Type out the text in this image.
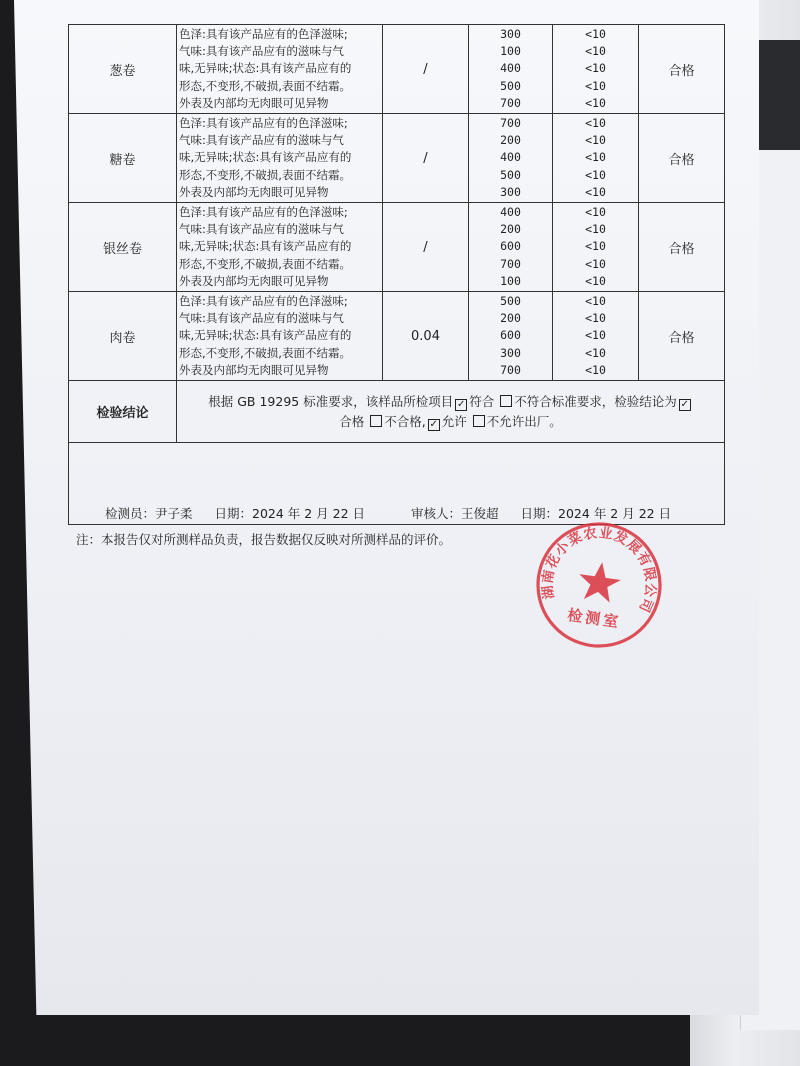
葱卷	色泽:具有该产品应有的色泽滋味;
气味:具有该产品应有的滋味与气
味,无异味;状态:具有该产品应有的
形态,不变形,不破损,表面不结霜。
外表及内部均无肉眼可见异物	/	300
100
400
500
700	<10
<10
<10
<10
<10	合格
糖卷	色泽:具有该产品应有的色泽滋味;
气味:具有该产品应有的滋味与气
味,无异味;状态:具有该产品应有的
形态,不变形,不破损,表面不结霜。
外表及内部均无肉眼可见异物	/	700
200
400
500
300	<10
<10
<10
<10
<10	合格
银丝卷	色泽:具有该产品应有的色泽滋味;
气味:具有该产品应有的滋味与气
味,无异味;状态:具有该产品应有的
形态,不变形,不破损,表面不结霜。
外表及内部均无肉眼可见异物	/	400
200
600
700
100	<10
<10
<10
<10
<10	合格
肉卷	色泽:具有该产品应有的色泽滋味;
气味:具有该产品应有的滋味与气
味,无异味;状态:具有该产品应有的
形态,不变形,不破损,表面不结霜。
外表及内部均无肉眼可见异物	0.04	500
200
600
300
700	<10
<10
<10
<10
<10	合格
检验结论	根据 GB 19295 标准要求，该样品所检项目 ✓ 符合 不符合标准要求，检验结论为 ✓
合格 不合格, ✓ 允许 不允许出厂。				

检测员：尹子柔 日期：2024 年 2 月 22 日 审核人：王俊超 日期：2024 年 2 月 22 日					
注：本报告仅对所测样品负责，报告数据仅反映对所测样品的评价。
湖南花小菜农业发展有限公司
检测室
